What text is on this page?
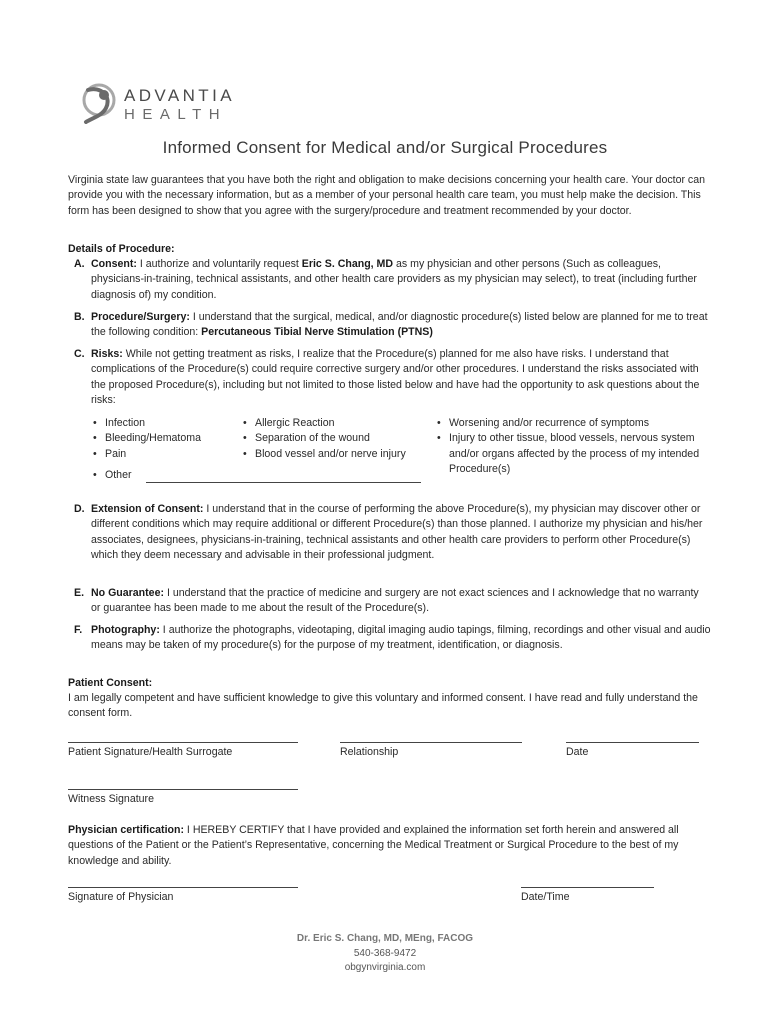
ADVANTIA
HEALTH
Informed Consent for Medical and/or Surgical Procedures
Virginia state law guarantees that you have both the right and obligation to make decisions concerning your health care. Your doctor can provide you with the necessary information, but as a member of your personal health care team, you must help make the decision. This form has been designed to show that you agree with the surgery/procedure and treatment recommended by your doctor.
Details of Procedure:
A. Consent: I authorize and voluntarily request Eric S. Chang, MD as my physician and other persons (Such as colleagues, physicians-in-training, technical assistants, and other health care providers as my physician may select), to treat (including further diagnosis of) my condition.
B. Procedure/Surgery: I understand that the surgical, medical, and/or diagnostic procedure(s) listed below are planned for me to treat the following condition: Percutaneous Tibial Nerve Stimulation (PTNS)
C. Risks: While not getting treatment as risks, I realize that the Procedure(s) planned for me also have risks. I understand that complications of the Procedure(s) could require corrective surgery and/or other procedures. I understand the risks associated with the proposed Procedure(s), including but not limited to those listed below and have had the opportunity to ask questions about the risks:
• Infection
• Bleeding/Hematoma
• Pain
• Allergic Reaction
• Separation of the wound
• Blood vessel and/or nerve injury
• Worsening and/or recurrence of symptoms
• Injury to other tissue, blood vessels, nervous system and/or organs affected by the process of my intended Procedure(s)
• Other
D. Extension of Consent: I understand that in the course of performing the above Procedure(s), my physician may discover other or different conditions which may require additional or different Procedure(s) than those planned. I authorize my physician and his/her associates, designees, physicians-in-training, technical assistants and other health care providers to perform other Procedure(s) which they deem necessary and advisable in their professional judgment.
E. No Guarantee: I understand that the practice of medicine and surgery are not exact sciences and I acknowledge that no warranty or guarantee has been made to me about the result of the Procedure(s).
F. Photography: I authorize the photographs, videotaping, digital imaging audio tapings, filming, recordings and other visual and audio means may be taken of my procedure(s) for the purpose of my treatment, identification, or diagnosis.
Patient Consent:
I am legally competent and have sufficient knowledge to give this voluntary and informed consent. I have read and fully understand the consent form.
Patient Signature/Health Surrogate	Relationship	Date
Witness Signature
Physician certification: I HEREBY CERTIFY that I have provided and explained the information set forth herein and answered all questions of the Patient or the Patient’s Representative, concerning the Medical Treatment or Surgical Procedure to the best of my knowledge and ability.
Signature of Physician	Date/Time
Dr. Eric S. Chang, MD, MEng, FACOG
540-368-9472
obgynvirginia.com
